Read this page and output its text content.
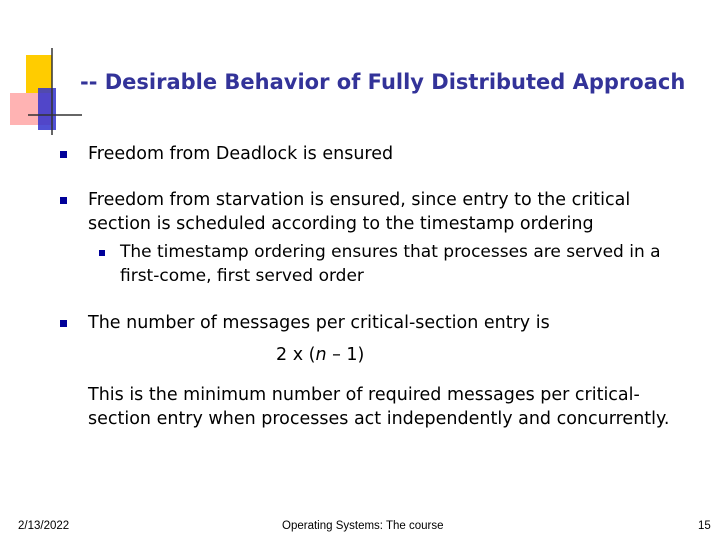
-- Desirable Behavior of Fully Distributed Approach
Freedom from Deadlock is ensured
Freedom from starvation is ensured, since entry to the critical
section is scheduled according to the timestamp ordering
The timestamp ordering ensures that processes are served in a
first-come, first served order
The number of messages per critical-section entry is
2 x (n – 1)
This is the minimum number of required messages per critical-
section entry when processes act independently and concurrently.
2/13/2022	Operating Systems: The course	15
